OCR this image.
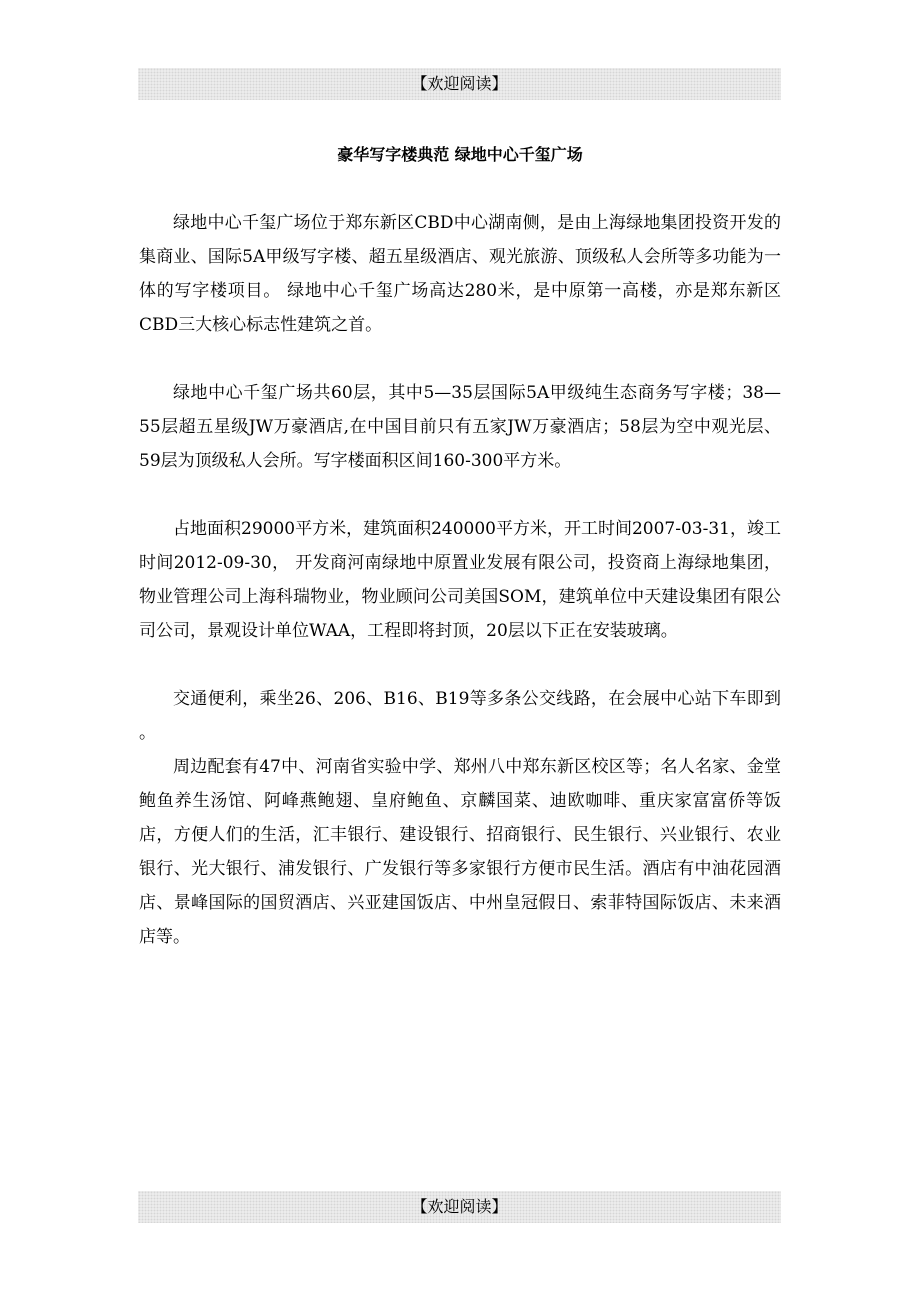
【欢迎阅读】
豪华写字楼典范 绿地中心千玺广场

绿地中心千玺广场位于郑东新区CBD中心湖南侧，是由上海绿地集团投资开发的集商业、国际5A甲级写字楼、超五星级酒店、观光旅游、顶级私人会所等多功能为一体的写字楼项目。 绿地中心千玺广场高达280米，是中原第一高楼，亦是郑东新区CBD三大核心标志性建筑之首。

绿地中心千玺广场共60层，其中5—35层国际5A甲级纯生态商务写字楼；38—55层超五星级JW万豪酒店,在中国目前只有五家JW万豪酒店；58层为空中观光层、59层为顶级私人会所。写字楼面积区间160-300平方米。

占地面积29000平方米，建筑面积240000平方米，开工时间2007-03-31，竣工时间2012-09-30， 开发商河南绿地中原置业发展有限公司，投资商上海绿地集团，物业管理公司上海科瑞物业，物业顾问公司美国SOM，建筑单位中天建设集团有限公司公司，景观设计单位WAA，工程即将封顶，20层以下正在安装玻璃。

交通便利，乘坐26、206、B16、B19等多条公交线路，在会展中心站下车即到 。

周边配套有47中、河南省实验中学、郑州八中郑东新区校区等；名人名家、金堂鲍鱼养生汤馆、阿峰燕鲍翅、皇府鲍鱼、京麟国菜、迪欧咖啡、重庆家富富侨等饭店，方便人们的生活，汇丰银行、建设银行、招商银行、民生银行、兴业银行、农业银行、光大银行、浦发银行、广发银行等多家银行方便市民生活。酒店有中油花园酒店、景峰国际的国贸酒店、兴亚建国饭店、中州皇冠假日、索菲特国际饭店、未来酒店等。

【欢迎阅读】
